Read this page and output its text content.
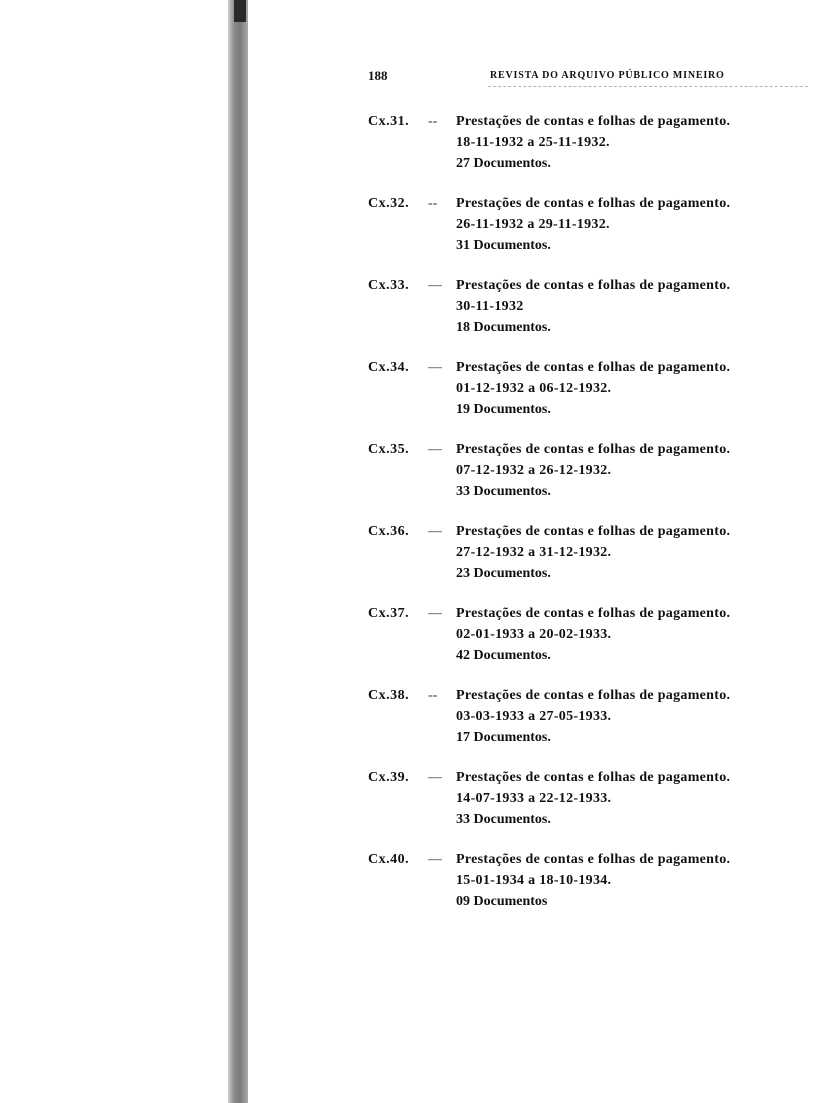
188	REVISTA DO ARQUIVO PÚBLICO MINEIRO
Cx.31.	--	Prestações de contas e folhas de pagamento.
18-11-1932 a 25-11-1932.
27 Documentos.
Cx.32.	--	Prestações de contas e folhas de pagamento.
26-11-1932 a 29-11-1932.
31 Documentos.
Cx.33.	—	Prestações de contas e folhas de pagamento.
30-11-1932
18 Documentos.
Cx.34.	—	Prestações de contas e folhas de pagamento.
01-12-1932 a 06-12-1932.
19 Documentos.
Cx.35.	—	Prestações de contas e folhas de pagamento.
07-12-1932 a 26-12-1932.
33 Documentos.
Cx.36.	—	Prestações de contas e folhas de pagamento.
27-12-1932 a 31-12-1932.
23 Documentos.
Cx.37.	—	Prestações de contas e folhas de pagamento.
02-01-1933 a 20-02-1933.
42 Documentos.
Cx.38.	--	Prestações de contas e folhas de pagamento.
03-03-1933 a 27-05-1933.
17 Documentos.
Cx.39.	—	Prestações de contas e folhas de pagamento.
14-07-1933 a 22-12-1933.
33 Documentos.
Cx.40.	—	Prestações de contas e folhas de pagamento.
15-01-1934 a 18-10-1934.
09 Documentos
